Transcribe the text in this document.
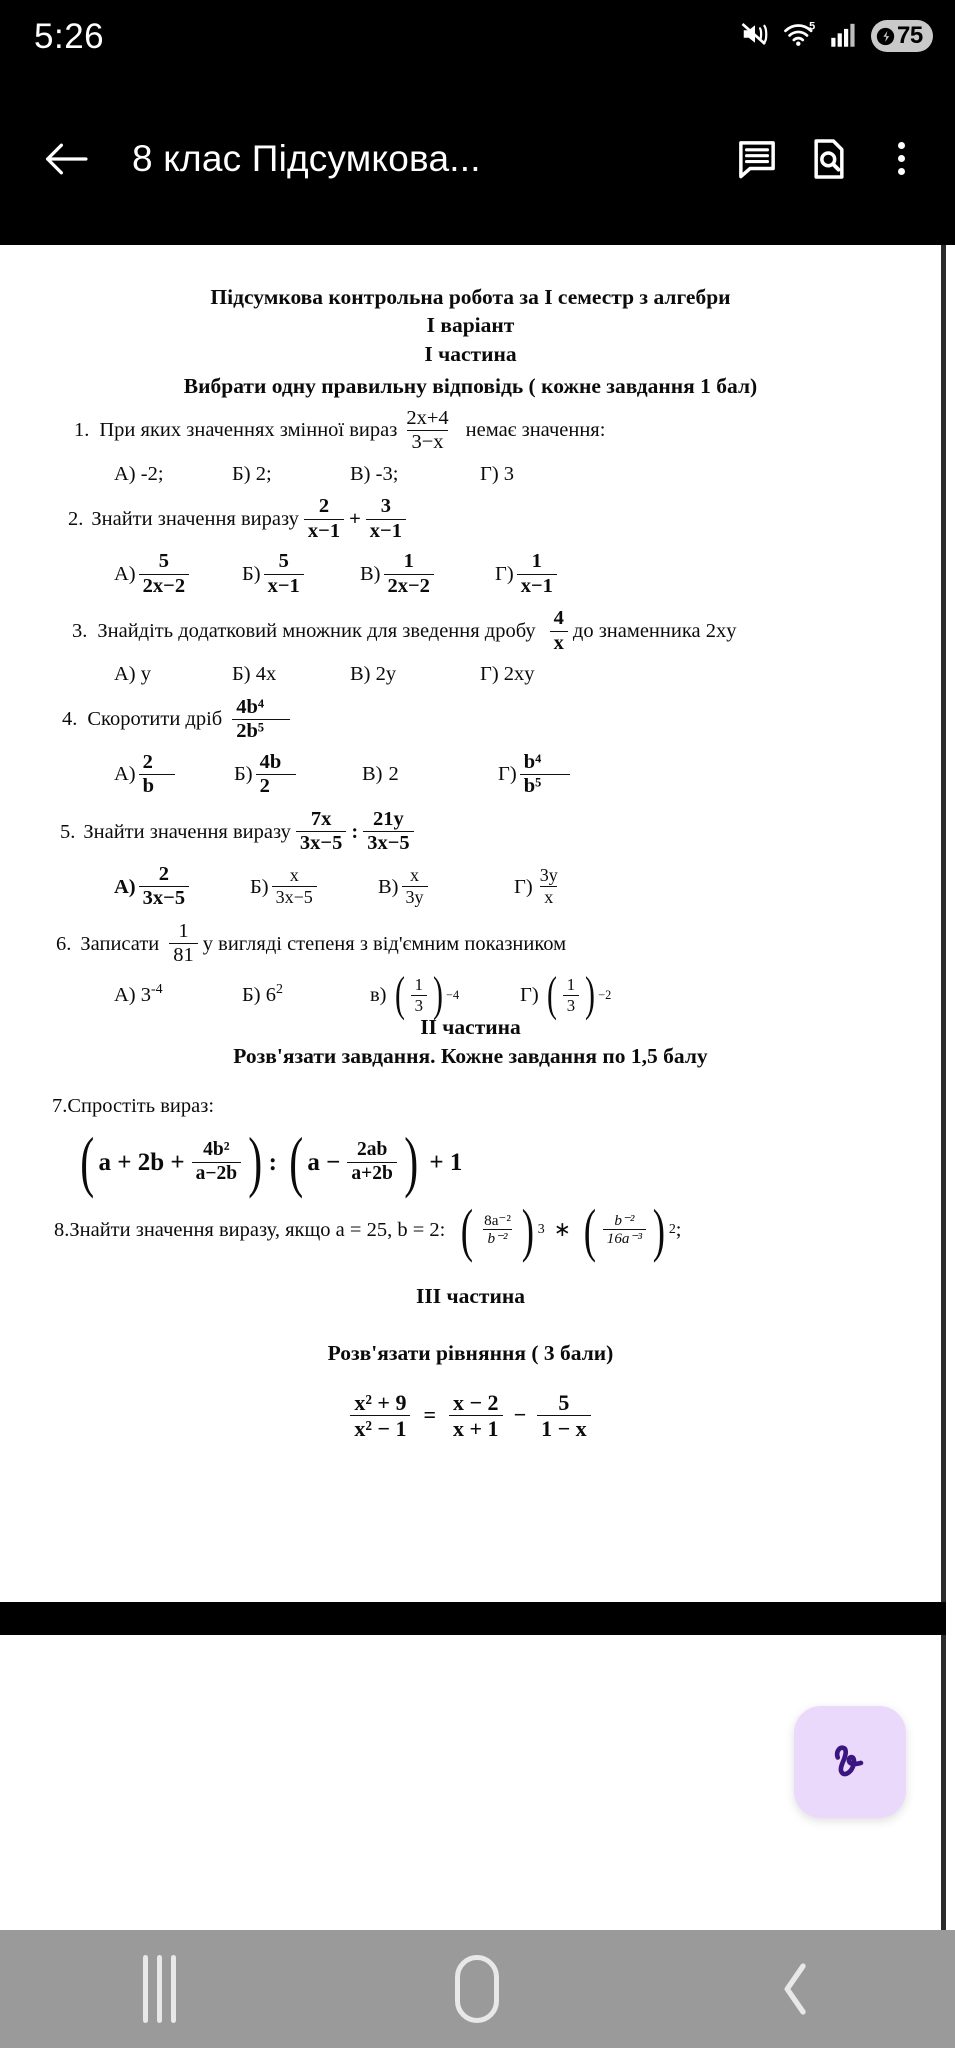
5:26	5	75
8 клас Підсумкова...
Підсумкова контрольна робота за I семестр з алгебри
I варіант
I частина
Вибрати одну правильну відповідь ( кожне завдання 1 бал)
1. При яких значеннях змінної вираз $\frac{2x+4}{3-x}$ немає значення:
А) -2;	Б) 2;	В) -3;	Г) 3
2. Знайти значення виразу $\frac{2}{x-1} + \frac{3}{x-1}$
$А) \frac{5}{2x-2}$	$Б) \frac{5}{x-1}$	$В) \frac{1}{2x-2}$	$Г) \frac{1}{x-1}$
3. Знайдіть додатковий множник для зведення дробу $\frac{4}{x}$ до знаменника 2xy
А) y	Б) 4x	В) 2y	Г) 2xy
4. Скоротити дріб $\frac{\text{4b⁴}}{\text{2b⁵}}$
$А) \frac{2}{b}$	$Б) \frac{4b}{2}$	В) 2	$Г) \frac{\text{b⁴}}{\text{b⁵}}$
5. Знайти значення виразу $\frac{7x}{3x-5}$ : $\frac{21y}{3x-5}$
$А) \frac{2}{3x-5}$	$Б) \frac{x}{3x-5}$	$В) \frac{x}{3y}$	$Г) \frac{3y}{x}$
6. Записати $\frac{1}{81}$ у вигляді степеня з від'ємним показником
А) $3^{-4}$	Б) $6^2$	в) ( $\frac{1}{3}$ ) −4	Г) ( $\frac{1}{3}$ ) −2
II частина
Розв'язати завдання. Кожне завдання по 1,5 балу
7.Спростіть вираз:
( $a + 2b + \frac{\text{4b²}}{a-2b}$ ) : ( $a - \frac{2ab}{a+2b}$ ) + 1
8.Знайти значення виразу, якщо a = 25, b = 2: ( $\frac{\text{8a⁻²}}{\text{b⁻²}}$ ) 3 ∗ ( $\frac{\text{b⁻²}}{\text{16a⁻³}}$ ) 2 ;
III частина
Розв'язати рівняння ( 3 бали)
$\frac{\text{x² + 9}}{\text{x² − 1}} = \frac{x - 2}{x + 1} - \frac{5}{1 - x}$
